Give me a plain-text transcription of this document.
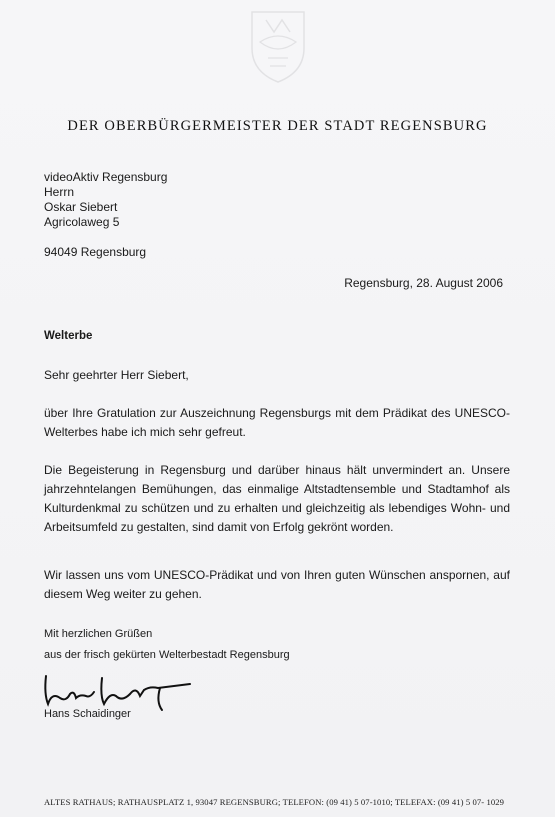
DER OBERBÜRGERMEISTER DER STADT REGENSBURG
videoAktiv Regensburg
Herrn
Oskar Siebert
Agricolaweg 5
94049 Regensburg
Regensburg, 28. August 2006
Welterbe
Sehr geehrter Herr Siebert,
über Ihre Gratulation zur Auszeichnung Regensburgs mit dem Prädikat des UNESCO-Welterbes habe ich mich sehr gefreut.
Die Begeisterung in Regensburg und darüber hinaus hält unvermindert an. Unsere jahrzehntelangen Bemühungen, das einmalige Altstadtensemble und Stadtamhof als Kulturdenkmal zu schützen und zu erhalten und gleichzeitig als lebendiges Wohn- und Arbeitsumfeld zu gestalten, sind damit von Erfolg gekrönt worden.
Wir lassen uns vom UNESCO-Prädikat und von Ihren guten Wünschen anspornen, auf diesem Weg weiter zu gehen.
Mit herzlichen Grüßen
aus der frisch gekürten Welterbestadt Regensburg
Hans Schaidinger
ALTES RATHAUS; RATHAUSPLATZ 1, 93047 REGENSBURG; TELEFON: (09 41) 5 07-1010; TELEFAX: (09 41) 5 07- 1029
